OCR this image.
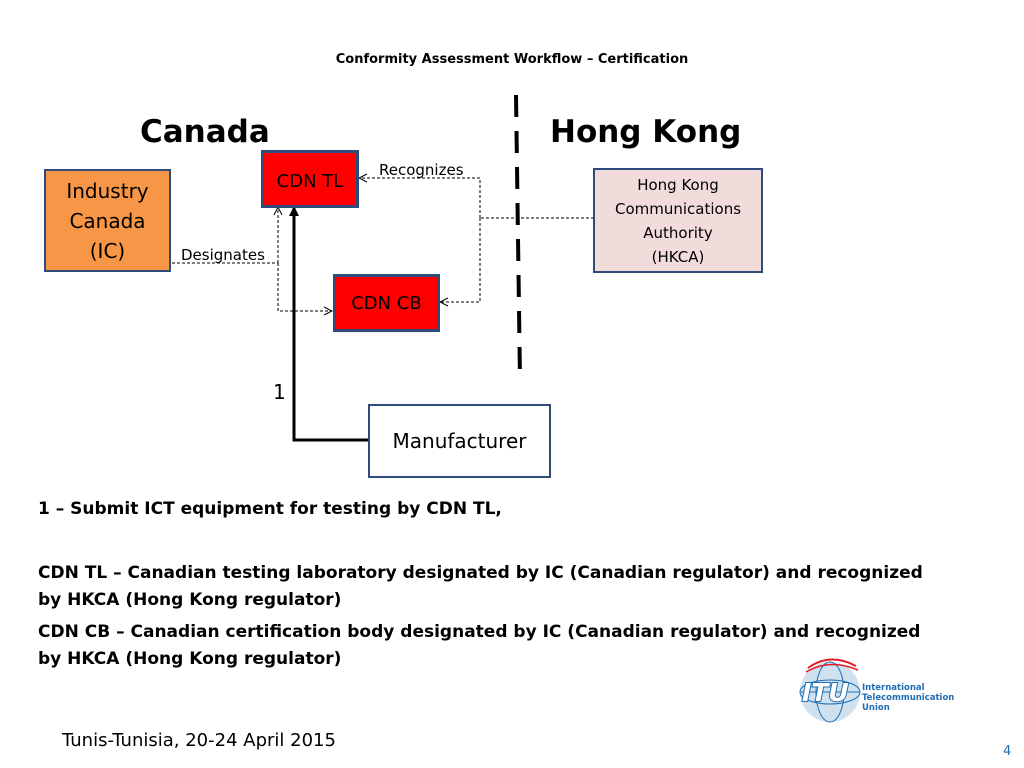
Conformity Assessment Workflow – Certification
Canada	Hong Kong
Industry
Canada
(IC)
CDN TL
CDN CB
Hong Kong
Communications
Authority
(HKCA)
Manufacturer
Designates
Recognizes
1
1 – Submit ICT equipment for testing by CDN TL,
CDN TL – Canadian testing laboratory designated by IC (Canadian regulator) and recognized by HKCA (Hong Kong regulator)
CDN CB – Canadian certification body designated by IC (Canadian regulator) and recognized by HKCA (Hong Kong regulator)
ITU International
Telecommunication
Union
Tunis-Tunisia, 20-24 April 2015
4
